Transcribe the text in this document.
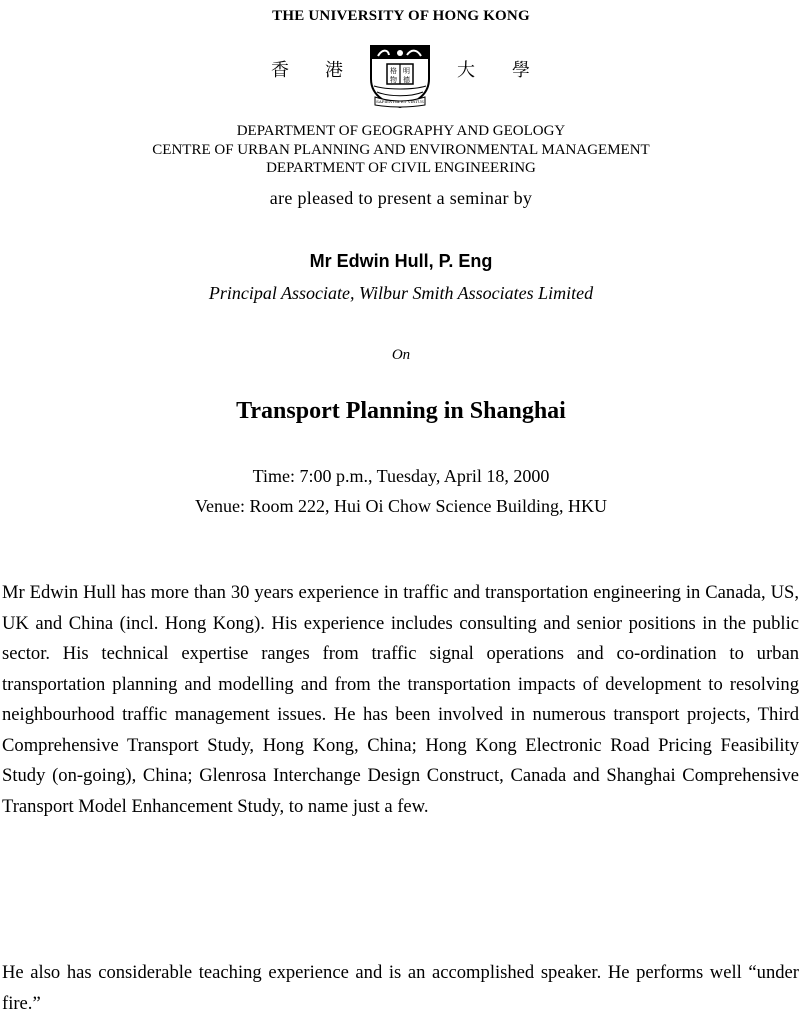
THE UNIVERSITY OF HONG KONG
香 港	格 明
物 德
SAPIENTIA ET VIRTUS
大 學
DEPARTMENT OF GEOGRAPHY AND GEOLOGY
CENTRE OF URBAN PLANNING AND ENVIRONMENTAL MANAGEMENT
DEPARTMENT OF CIVIL ENGINEERING
are pleased to present a seminar by
Mr Edwin Hull, P. Eng
Principal Associate, Wilbur Smith Associates Limited
On
Transport Planning in Shanghai
Time: 7:00 p.m., Tuesday, April 18, 2000
Venue: Room 222, Hui Oi Chow Science Building, HKU

Mr Edwin Hull has more than 30 years experience in traffic and transportation engineering in Canada, US, UK and China (incl. Hong Kong). His experience includes consulting and senior positions in the public sector. His technical expertise ranges from traffic signal operations and co-ordination to urban transportation planning and modelling and from the transportation impacts of development to resolving neighbourhood traffic management issues. He has been involved in numerous transport projects, Third Comprehensive Transport Study, Hong Kong, China; Hong Kong Electronic Road Pricing Feasibility Study (on-going), China; Glenrosa Interchange Design Construct, Canada and Shanghai Comprehensive Transport Model Enhancement Study, to name just a few.

He also has considerable teaching experience and is an accomplished speaker. He performs well “under fire.”
